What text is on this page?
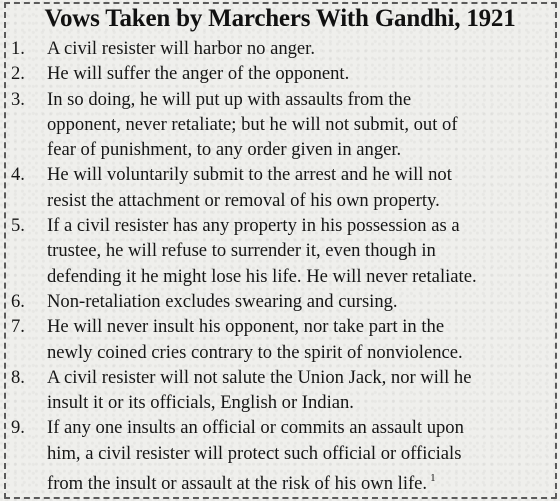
Vows Taken by Marchers With Gandhi, 1921
1.	A civil resister will harbor no anger.
2.	He will suffer the anger of the opponent.
3.	In so doing, he will put up with assaults from the
opponent, never retaliate; but he will not submit, out of
fear of punishment, to any order given in anger.
4.	He will voluntarily submit to the arrest and he will not
resist the attachment or removal of his own property.
5.	If a civil resister has any property in his possession as a
trustee, he will refuse to surrender it, even though in
defending it he might lose his life. He will never retaliate.
6.	Non-retaliation excludes swearing and cursing.
7.	He will never insult his opponent, nor take part in the
newly coined cries contrary to the spirit of nonviolence.
8.	A civil resister will not salute the Union Jack, nor will he
insult it or its officials, English or Indian.
9.	If any one insults an official or commits an assault upon
him, a civil resister will protect such official or officials
from the insult or assault at the risk of his own life. $^1$
